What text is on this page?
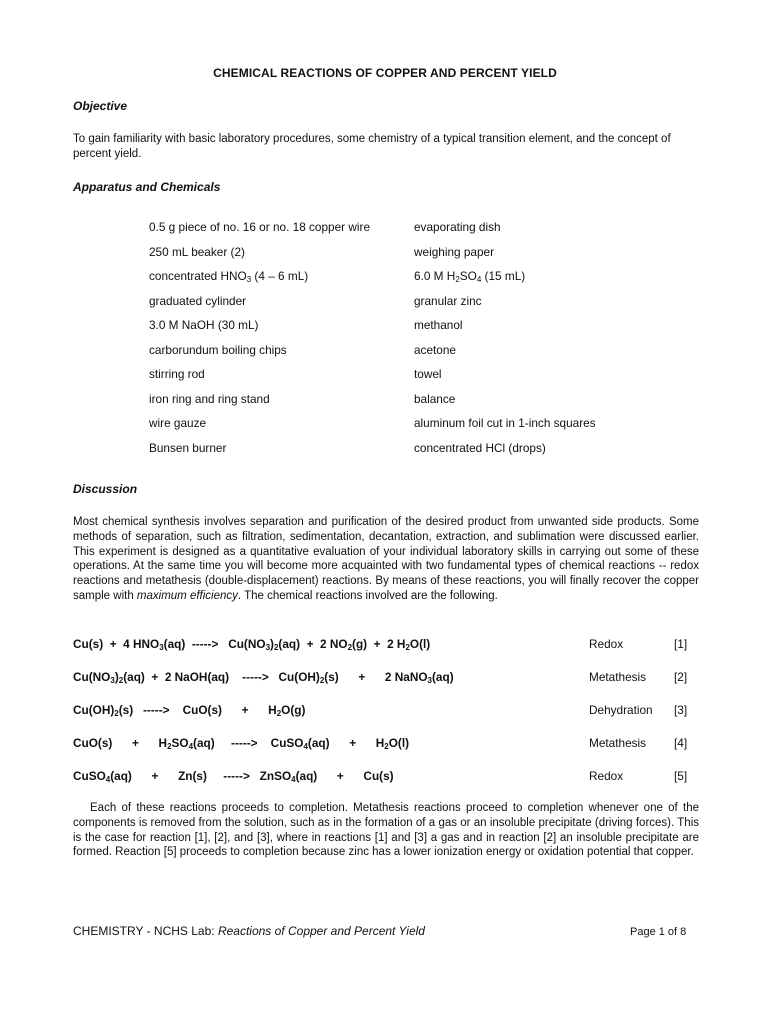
CHEMICAL REACTIONS OF COPPER AND PERCENT YIELD
Objective
To gain familiarity with basic laboratory procedures, some chemistry of a typical transition element, and the concept of percent yield.
Apparatus and Chemicals
0.5 g piece of no. 16 or no. 18 copper wire	evaporating dish
250 mL beaker (2)	weighing paper
concentrated $HNO_3$ (4 – 6 mL)	6.0 M $H_2SO_4$ (15 mL)
graduated cylinder	granular zinc
3.0 M NaOH (30 mL)	methanol
carborundum boiling chips	acetone
stirring rod	towel
iron ring and ring stand	balance
wire gauze	aluminum foil cut in 1-inch squares
Bunsen burner	concentrated HCl (drops)
Discussion
Most chemical synthesis involves separation and purification of the desired product from unwanted side products. Some methods of separation, such as filtration, sedimentation, decantation, extraction, and sublimation were discussed earlier. This experiment is designed as a quantitative evaluation of your individual laboratory skills in carrying out some of these operations. At the same time you will become more acquainted with two fundamental types of chemical reactions -- redox reactions and metathesis (double-displacement) reactions. By means of these reactions, you will finally recover the copper sample with maximum efficiency. The chemical reactions involved are the following.
Cu(s)  +  4 $HNO_3(aq)$  ----->   $Cu(NO_3)_2(aq) + 2$ $NO_2(g) + 2$ $H_2O(l)$	Redox	[1]
$Cu(NO_3)_2(aq) + 2$ NaOH(aq)    ----->   $Cu(OH)_2(s)$      +      2 NaNO$_3$(aq)	Metathesis [2]
$Cu(OH)_2(s)$   ----->    CuO(s)      +      $H_2O(g)$	Dehydration [3]
CuO(s)      +      $H_2SO_4(aq)$     ----->    CuSO$_4$(aq)      +      $H_2O(l)$	Metathesis [4]
CuSO$_4$(aq)      +      Zn(s)     ----->   ZnSO$_4$(aq)      +      Cu(s)	Redox	[5]
Each of these reactions proceeds to completion. Metathesis reactions proceed to completion whenever one of the components is removed from the solution, such as in the formation of a gas or an insoluble precipitate (driving forces). This is the case for reaction [1], [2], and [3], where in reactions [1] and [3] a gas and in reaction [2] an insoluble precipitate are formed. Reaction [5] proceeds to completion because zinc has a lower ionization energy or oxidation potential that copper.
CHEMISTRY - NCHS Lab: Reactions of Copper and Percent Yield	Page 1 of 8
